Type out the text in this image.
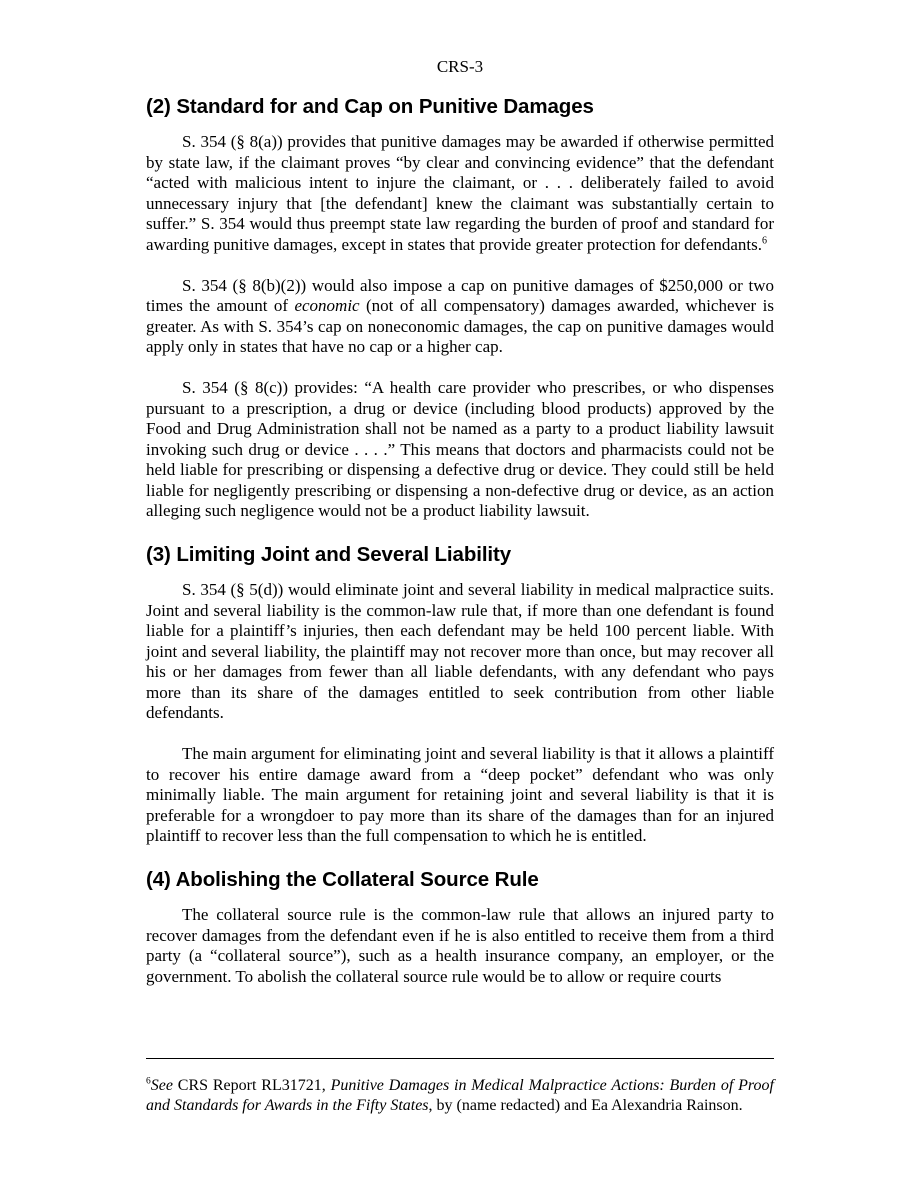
CRS-3
(2) Standard for and Cap on Punitive Damages

S. 354 (§ 8(a)) provides that punitive damages may be awarded if otherwise permitted by state law, if the claimant proves “by clear and convincing evidence” that the defendant “acted with malicious intent to injure the claimant, or . . . deliberately failed to avoid unnecessary injury that [the defendant] knew the claimant was substantially certain to suffer.” S. 354 would thus preempt state law regarding the burden of proof and standard for awarding punitive damages, except in states that provide greater protection for defendants.$^6$

S. 354 (§ 8(b)(2)) would also impose a cap on punitive damages of $250,000 or two times the amount of economic (not of all compensatory) damages awarded, whichever is greater. As with S. 354’s cap on noneconomic damages, the cap on punitive damages would apply only in states that have no cap or a higher cap.

S. 354 (§ 8(c)) provides: “A health care provider who prescribes, or who dispenses pursuant to a prescription, a drug or device (including blood products) approved by the Food and Drug Administration shall not be named as a party to a product liability lawsuit invoking such drug or device . . . .” This means that doctors and pharmacists could not be held liable for prescribing or dispensing a defective drug or device. They could still be held liable for negligently prescribing or dispensing a non-defective drug or device, as an action alleging such negligence would not be a product liability lawsuit.

(3) Limiting Joint and Several Liability

S. 354 (§ 5(d)) would eliminate joint and several liability in medical malpractice suits. Joint and several liability is the common-law rule that, if more than one defendant is found liable for a plaintiff’s injuries, then each defendant may be held 100 percent liable. With joint and several liability, the plaintiff may not recover more than once, but may recover all his or her damages from fewer than all liable defendants, with any defendant who pays more than its share of the damages entitled to seek contribution from other liable defendants.

The main argument for eliminating joint and several liability is that it allows a plaintiff to recover his entire damage award from a “deep pocket” defendant who was only minimally liable. The main argument for retaining joint and several liability is that it is preferable for a wrongdoer to pay more than its share of the damages than for an injured plaintiff to recover less than the full compensation to which he is entitled.

(4) Abolishing the Collateral Source Rule

The collateral source rule is the common-law rule that allows an injured party to recover damages from the defendant even if he is also entitled to receive them from a third party (a “collateral source”), such as a health insurance company, an employer, or the government. To abolish the collateral source rule would be to allow or require courts

$^6$See CRS Report RL31721, Punitive Damages in Medical Malpractice Actions: Burden of Proof and Standards for Awards in the Fifty States, by (name redacted) and Ea Alexandria Rainson.
